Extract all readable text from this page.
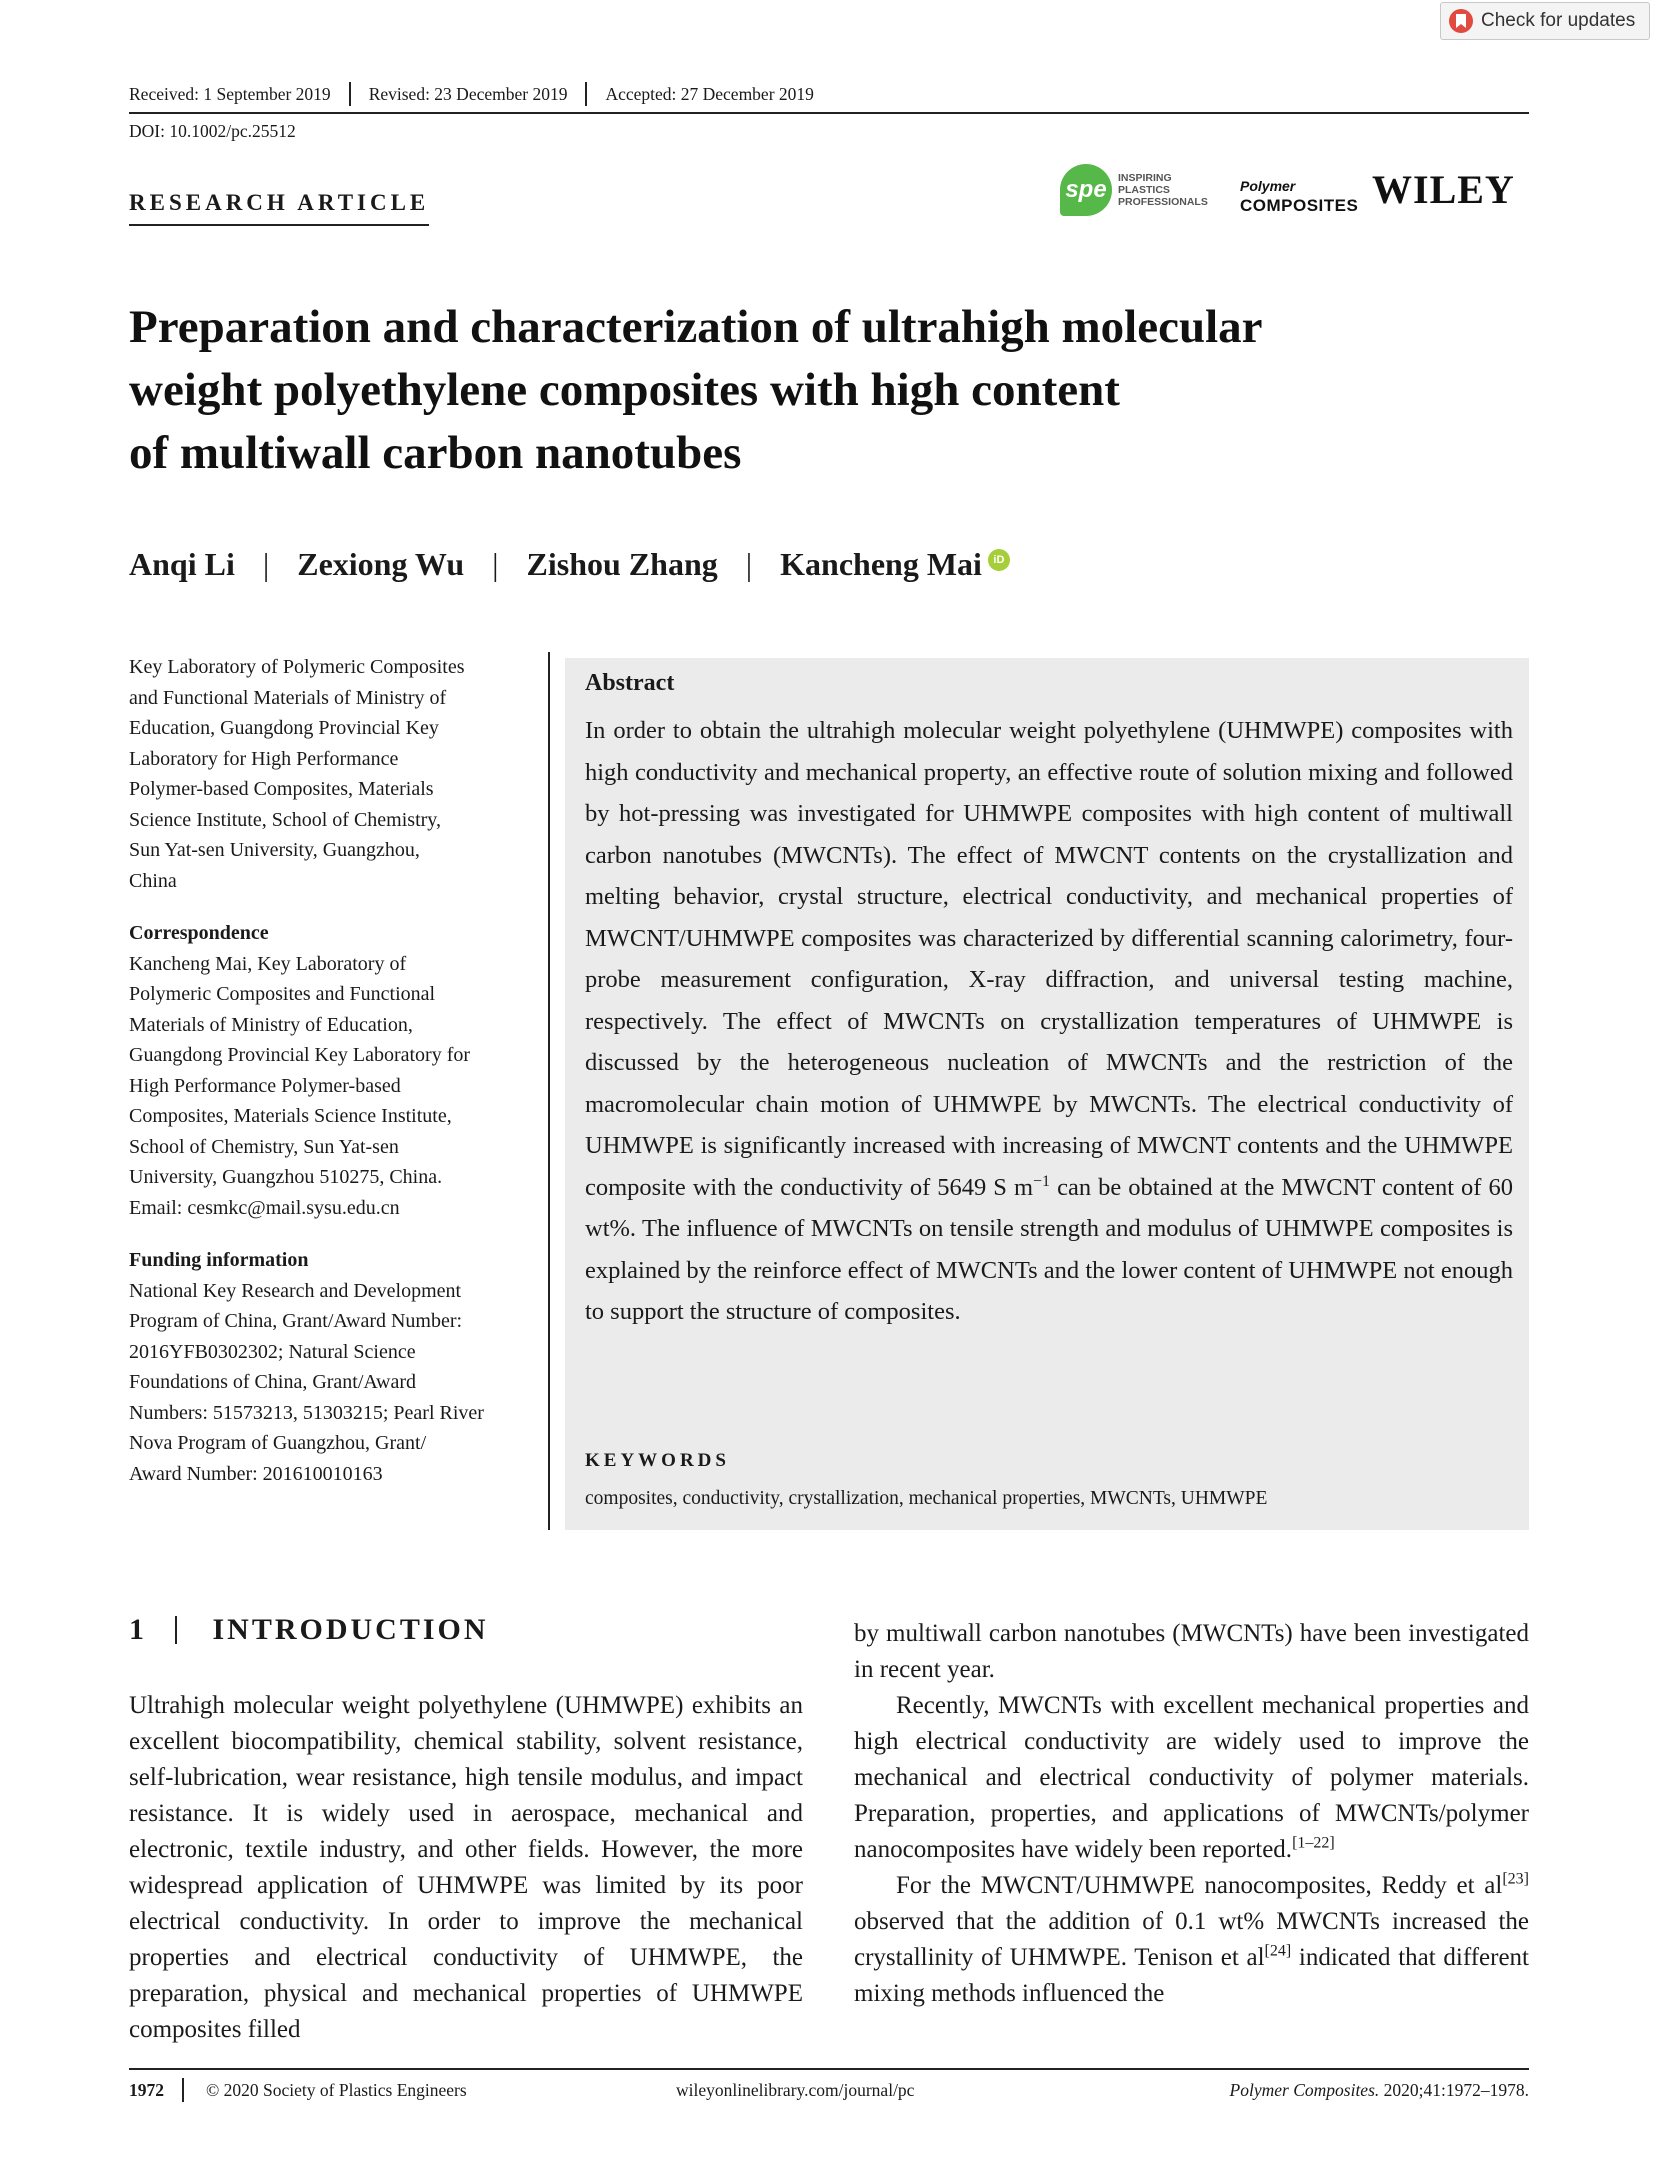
Check for updates
Received: 1 September 2019	Revised: 23 December 2019	Accepted: 27 December 2019
DOI: 10.1002/pc.25512
RESEARCH ARTICLE	spe	INSPIRING
PLASTICS
PROFESSIONALS
Polymer
COMPOSITES WILEY
Preparation and characterization of ultrahigh molecular
weight polyethylene composites with high content
of multiwall carbon nanotubes
Anqi Li | Zexiong Wu | Zishou Zhang | Kancheng Mai	iD

Key Laboratory of Polymeric Composites

and Functional Materials of Ministry of

Education, Guangdong Provincial Key

Laboratory for High Performance

Polymer-based Composites, Materials

Science Institute, School of Chemistry,

Sun Yat-sen University, Guangzhou,

China

Correspondence

Kancheng Mai, Key Laboratory of

Polymeric Composites and Functional

Materials of Ministry of Education,

Guangdong Provincial Key Laboratory for

High Performance Polymer-based

Composites, Materials Science Institute,

School of Chemistry, Sun Yat-sen

University, Guangzhou 510275, China.

Email: cesmkc@mail.sysu.edu.cn

Funding information

National Key Research and Development

Program of China, Grant/Award Number:

2016YFB0302302; Natural Science

Foundations of China, Grant/Award

Numbers: 51573213, 51303215; Pearl River

Nova Program of Guangzhou, Grant/

Award Number: 201610010163

Abstract
In order to obtain the ultrahigh molecular weight polyethylene (UHMWPE) composites with high conductivity and mechanical property, an effective route of solution mixing and followed by hot-pressing was investigated for UHMWPE composites with high content of multiwall carbon nanotubes (MWCNTs). The effect of MWCNT contents on the crystallization and melting behavior, crystal structure, electrical conductivity, and mechanical properties of MWCNT/UHMWPE composites was characterized by differential scanning calorimetry, four-probe measurement configuration, X-ray diffraction, and universal testing machine, respectively. The effect of MWCNTs on crystallization temperatures of UHMWPE is discussed by the heterogeneous nucleation of MWCNTs and the restriction of the macromolecular chain motion of UHMWPE by MWCNTs. The electrical conductivity of UHMWPE is significantly increased with increasing of MWCNT contents and the UHMWPE composite with the conductivity of 5649 S $m^{-1}$ can be obtained at the MWCNT content of 60 wt%. The influence of MWCNTs on tensile strength and modulus of UHMWPE composites is explained by the reinforce effect of MWCNTs and the lower content of UHMWPE not enough to support the structure of composites.
KEYWORDS
composites, conductivity, crystallization, mechanical properties, MWCNTs, UHMWPE
1 INTRODUCTION

Ultrahigh molecular weight polyethylene (UHMWPE) exhibits an excellent biocompatibility, chemical stability, solvent resistance, self-lubrication, wear resistance, high tensile modulus, and impact resistance. It is widely used in aerospace, mechanical and electronic, textile industry, and other fields. However, the more widespread application of UHMWPE was limited by its poor electrical conductivity. In order to improve the mechanical properties and electrical conductivity of UHMWPE, the preparation, physical and mechanical properties of UHMWPE composites filled

by multiwall carbon nanotubes (MWCNTs) have been investigated in recent year.

Recently, MWCNTs with excellent mechanical properties and high electrical conductivity are widely used to improve the mechanical and electrical conductivity of polymer materials. Preparation, properties, and applications of MWCNTs/polymer nanocomposites have widely been reported.[1–22]

For the MWCNT/UHMWPE nanocomposites, Reddy et al[23] observed that the addition of 0.1 wt% MWCNTs increased the crystallinity of UHMWPE. Tenison et al[24] indicated that different mixing methods influenced the

1972	© 2020 Society of Plastics Engineers	wileyonlinelibrary.com/journal/pc	Polymer Composites. 2020;41:1972–1978.
